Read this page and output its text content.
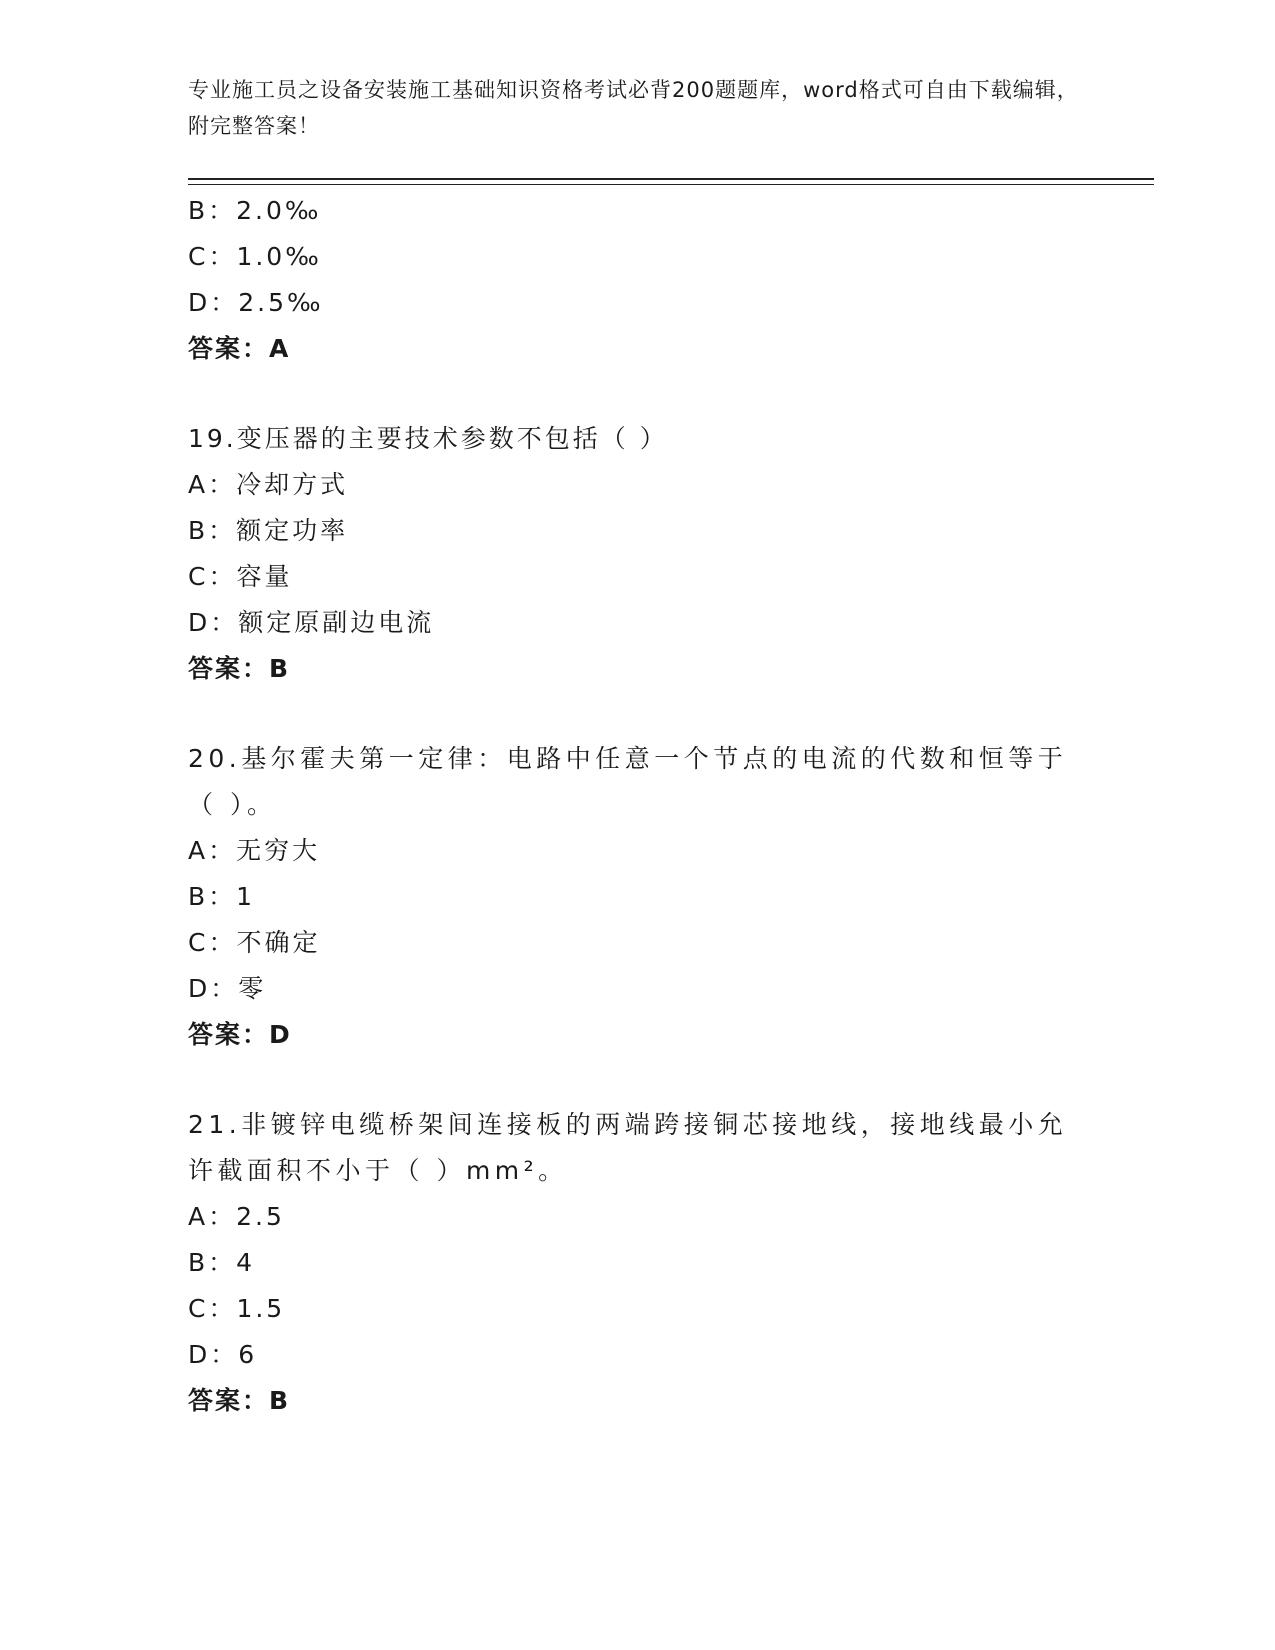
专业施工员之设备安装施工基础知识资格考试必背200题题库，word格式可自由下载编辑，附完整答案！
B：2.0‰
C：1.0‰
D：2.5‰
答案：A
19.变压器的主要技术参数不包括（ ）
A：冷却方式
B：额定功率
C：容量
D：额定原副边电流
答案：B
20.基尔霍夫第一定律：电路中任意一个节点的电流的代数和恒等于（ ）。
A：无穷大
B：1
C：不确定
D：零
答案：D
21.非镀锌电缆桥架间连接板的两端跨接铜芯接地线，接地线最小允许截面积不小于（ ）mm²。
A：2.5
B：4
C：1.5
D：6
答案：B
